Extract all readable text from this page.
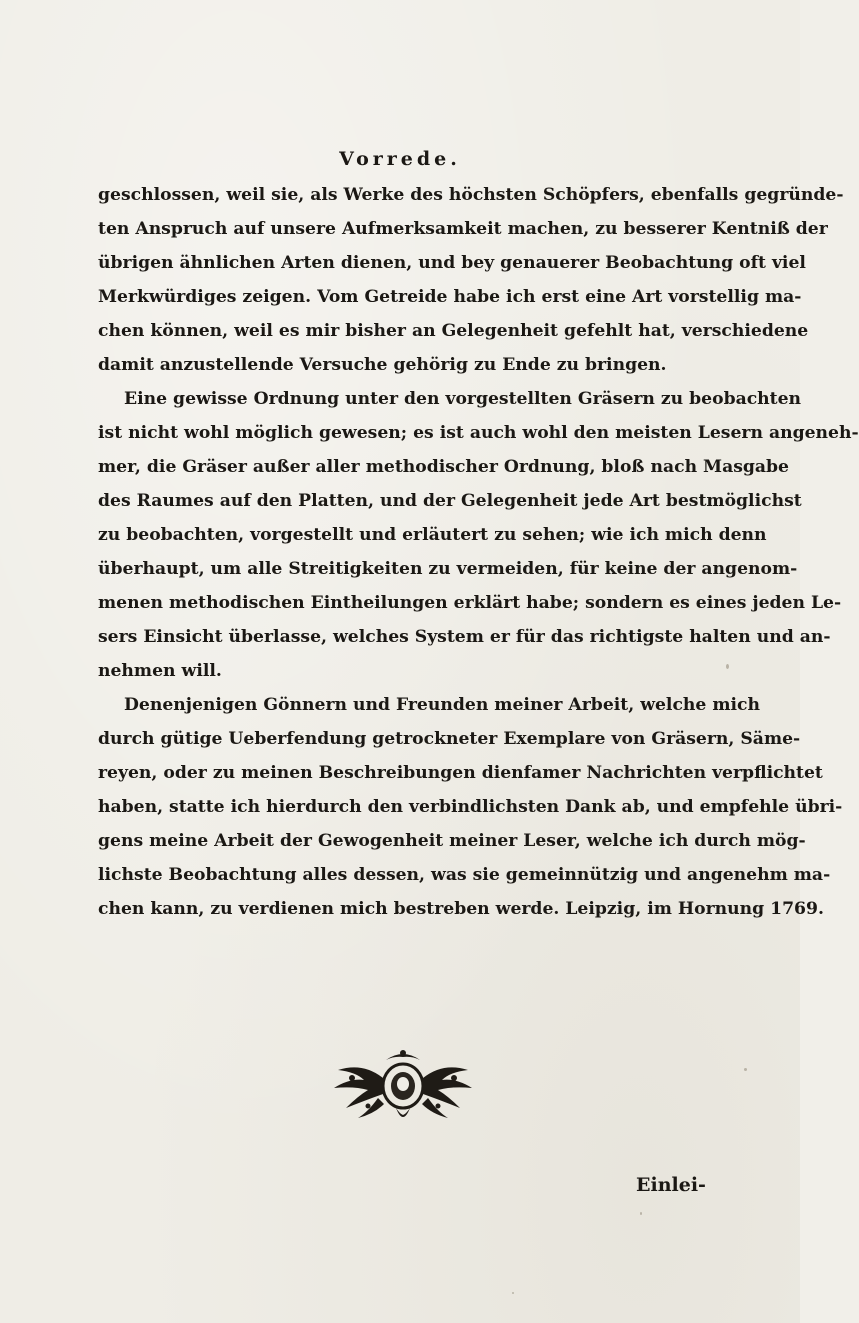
Vorrede.
geschlossen, weil sie, als Werke des höchsten Schöpfers, ebenfalls gegründe-
ten Anspruch auf unsere Aufmerksamkeit machen, zu besserer Kentniß der
übrigen ähnlichen Arten dienen, und bey genauerer Beobachtung oft viel
Merkwürdiges zeigen. Vom Getreide habe ich erst eine Art vorstellig ma-
chen können, weil es mir bisher an Gelegenheit gefehlt hat, verschiedene
damit anzustellende Versuche gehörig zu Ende zu bringen.
Eine gewisse Ordnung unter den vorgestellten Gräsern zu beobachten
ist nicht wohl möglich gewesen; es ist auch wohl den meisten Lesern angeneh-
mer, die Gräser außer aller methodischer Ordnung, bloß nach Masgabe
des Raumes auf den Platten, und der Gelegenheit jede Art bestmöglichst
zu beobachten, vorgestellt und erläutert zu sehen; wie ich mich denn
überhaupt, um alle Streitigkeiten zu vermeiden, für keine der angenom-
menen methodischen Eintheilungen erklärt habe; sondern es eines jeden Le-
sers Einsicht überlasse, welches System er für das richtigste halten und an-
nehmen will.
Denenjenigen Gönnern und Freunden meiner Arbeit, welche mich
durch gütige Ueberfendung getrockneter Exemplare von Gräsern, Säme-
reyen, oder zu meinen Beschreibungen dienfamer Nachrichten verpflichtet
haben, statte ich hierdurch den verbindlichsten Dank ab, und empfehle übri-
gens meine Arbeit der Gewogenheit meiner Leser, welche ich durch mög-
lichste Beobachtung alles dessen, was sie gemeinnützig und angenehm ma-
chen kann, zu verdienen mich bestreben werde. Leipzig, im Hornung 1769.
Einlei-
